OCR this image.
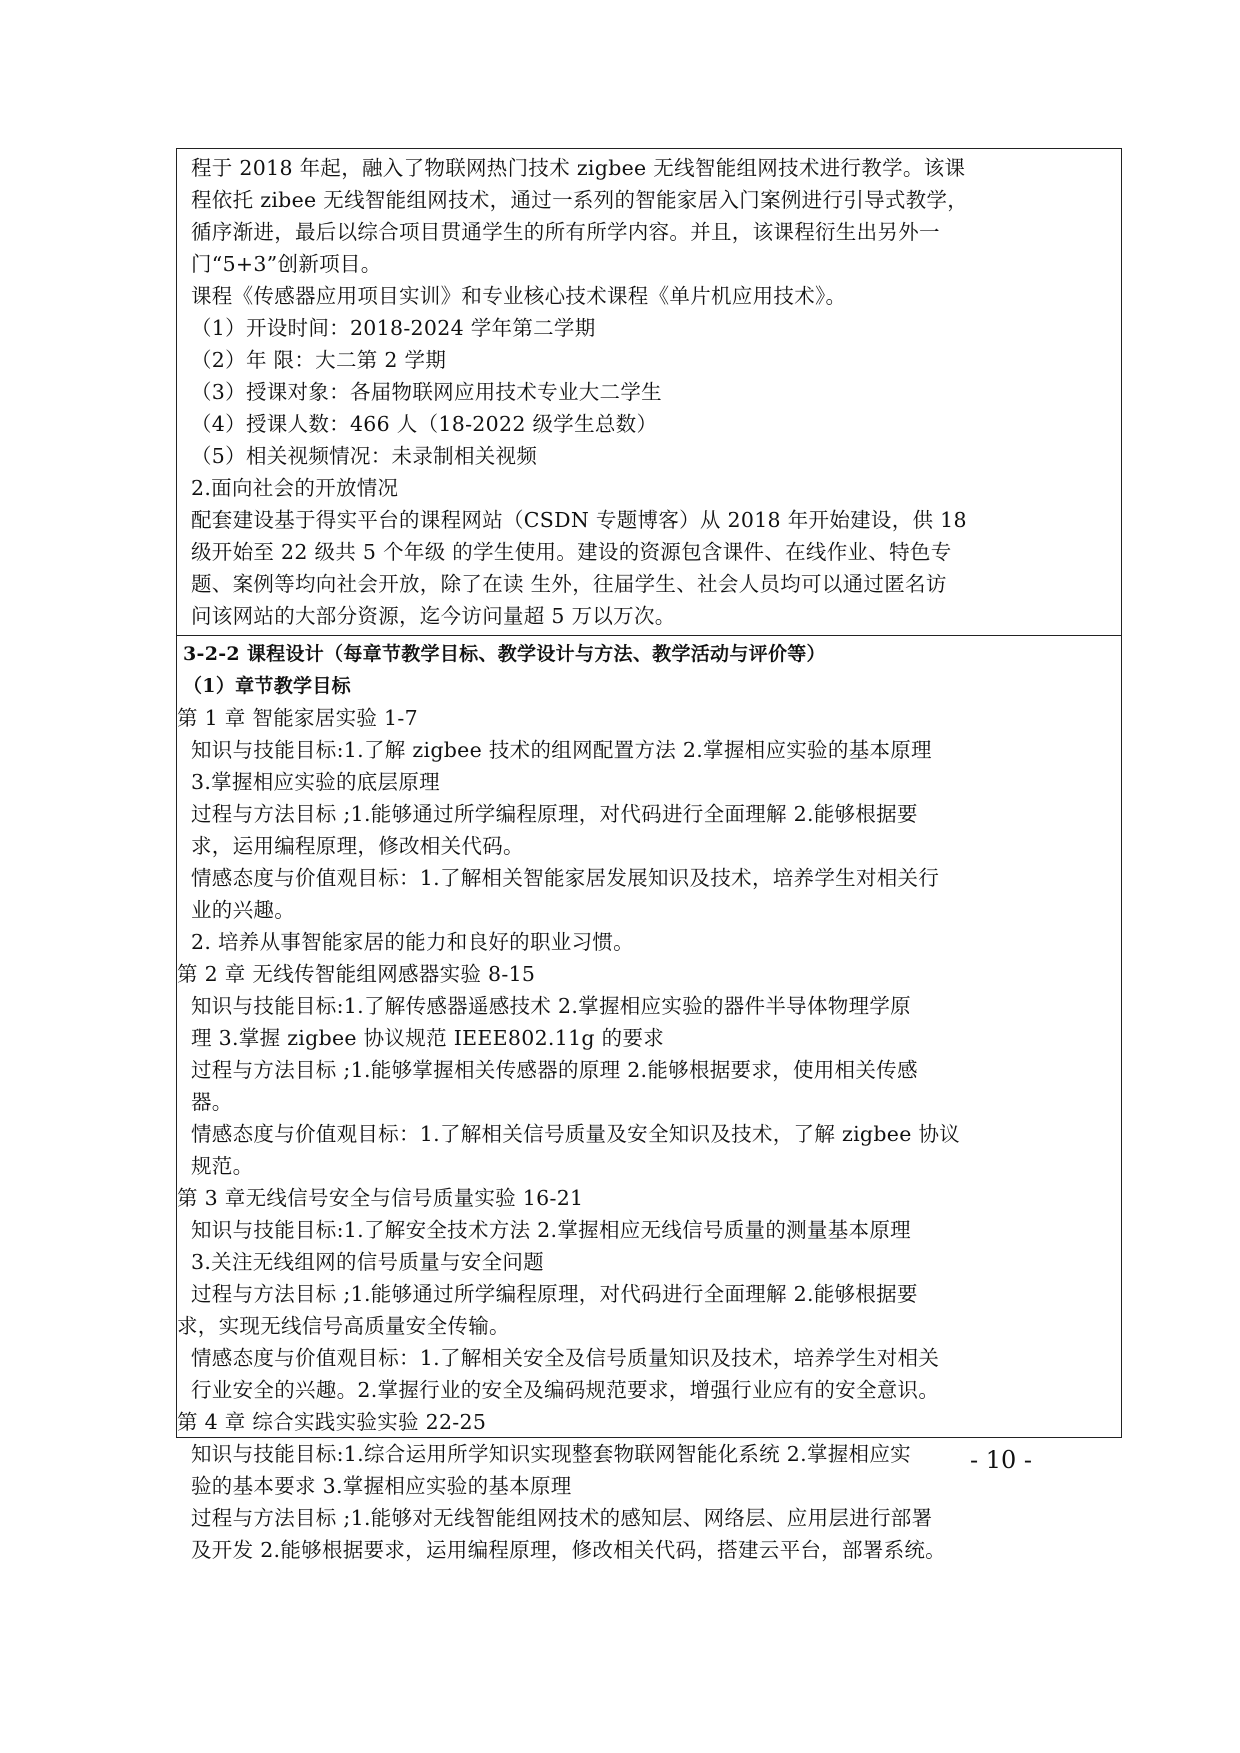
程于 2018 年起，融入了物联网热门技术 zigbee 无线智能组网技术进行教学。该课
程依托 zibee 无线智能组网技术，通过一系列的智能家居入门案例进行引导式教学，
循序渐进，最后以综合项目贯通学生的所有所学内容。并且，该课程衍生出另外一
门“5+3”创新项目。
课程《传感器应用项目实训》和专业核心技术课程《单片机应用技术》。
（1）开设时间：2018-2024 学年第二学期
（2）年 限：大二第 2 学期
（3）授课对象：各届物联网应用技术专业大二学生
（4）授课人数：466 人（18-2022 级学生总数）
（5）相关视频情况：未录制相关视频
2.面向社会的开放情况
配套建设基于得实平台的课程网站（CSDN 专题博客）从 2018 年开始建设，供 18
级开始至 22 级共 5 个年级 的学生使用。建设的资源包含课件、在线作业、特色专
题、案例等均向社会开放，除了在读 生外，往届学生、社会人员均可以通过匿名访
问该网站的大部分资源，迄今访问量超 5 万以万次。
3-2-2 课程设计（每章节教学目标、教学设计与方法、教学活动与评价等）
（1）章节教学目标
第 1 章 智能家居实验 1-7
知识与技能目标:1.了解 zigbee 技术的组网配置方法 2.掌握相应实验的基本原理
3.掌握相应实验的底层原理
过程与方法目标 ;1.能够通过所学编程原理，对代码进行全面理解 2.能够根据要
求，运用编程原理，修改相关代码。
情感态度与价值观目标：1.了解相关智能家居发展知识及技术，培养学生对相关行
业的兴趣。
2. 培养从事智能家居的能力和良好的职业习惯。
第 2 章 无线传智能组网感器实验 8-15
知识与技能目标:1.了解传感器遥感技术 2.掌握相应实验的器件半导体物理学原
理 3.掌握 zigbee 协议规范 IEEE802.11g 的要求
过程与方法目标 ;1.能够掌握相关传感器的原理 2.能够根据要求，使用相关传感
器。
情感态度与价值观目标：1.了解相关信号质量及安全知识及技术，了解 zigbee 协议
规范。
第 3 章无线信号安全与信号质量实验 16-21
知识与技能目标:1.了解安全技术方法 2.掌握相应无线信号质量的测量基本原理
3.关注无线组网的信号质量与安全问题
过程与方法目标 ;1.能够通过所学编程原理，对代码进行全面理解 2.能够根据要
求，实现无线信号高质量安全传输。
情感态度与价值观目标：1.了解相关安全及信号质量知识及技术，培养学生对相关
行业安全的兴趣。2.掌握行业的安全及编码规范要求，增强行业应有的安全意识。
第 4 章 综合实践实验实验 22-25
知识与技能目标:1.综合运用所学知识实现整套物联网智能化系统 2.掌握相应实
验的基本要求 3.掌握相应实验的基本原理
过程与方法目标 ;1.能够对无线智能组网技术的感知层、网络层、应用层进行部署
及开发 2.能够根据要求，运用编程原理，修改相关代码，搭建云平台，部署系统。
- 10 -
